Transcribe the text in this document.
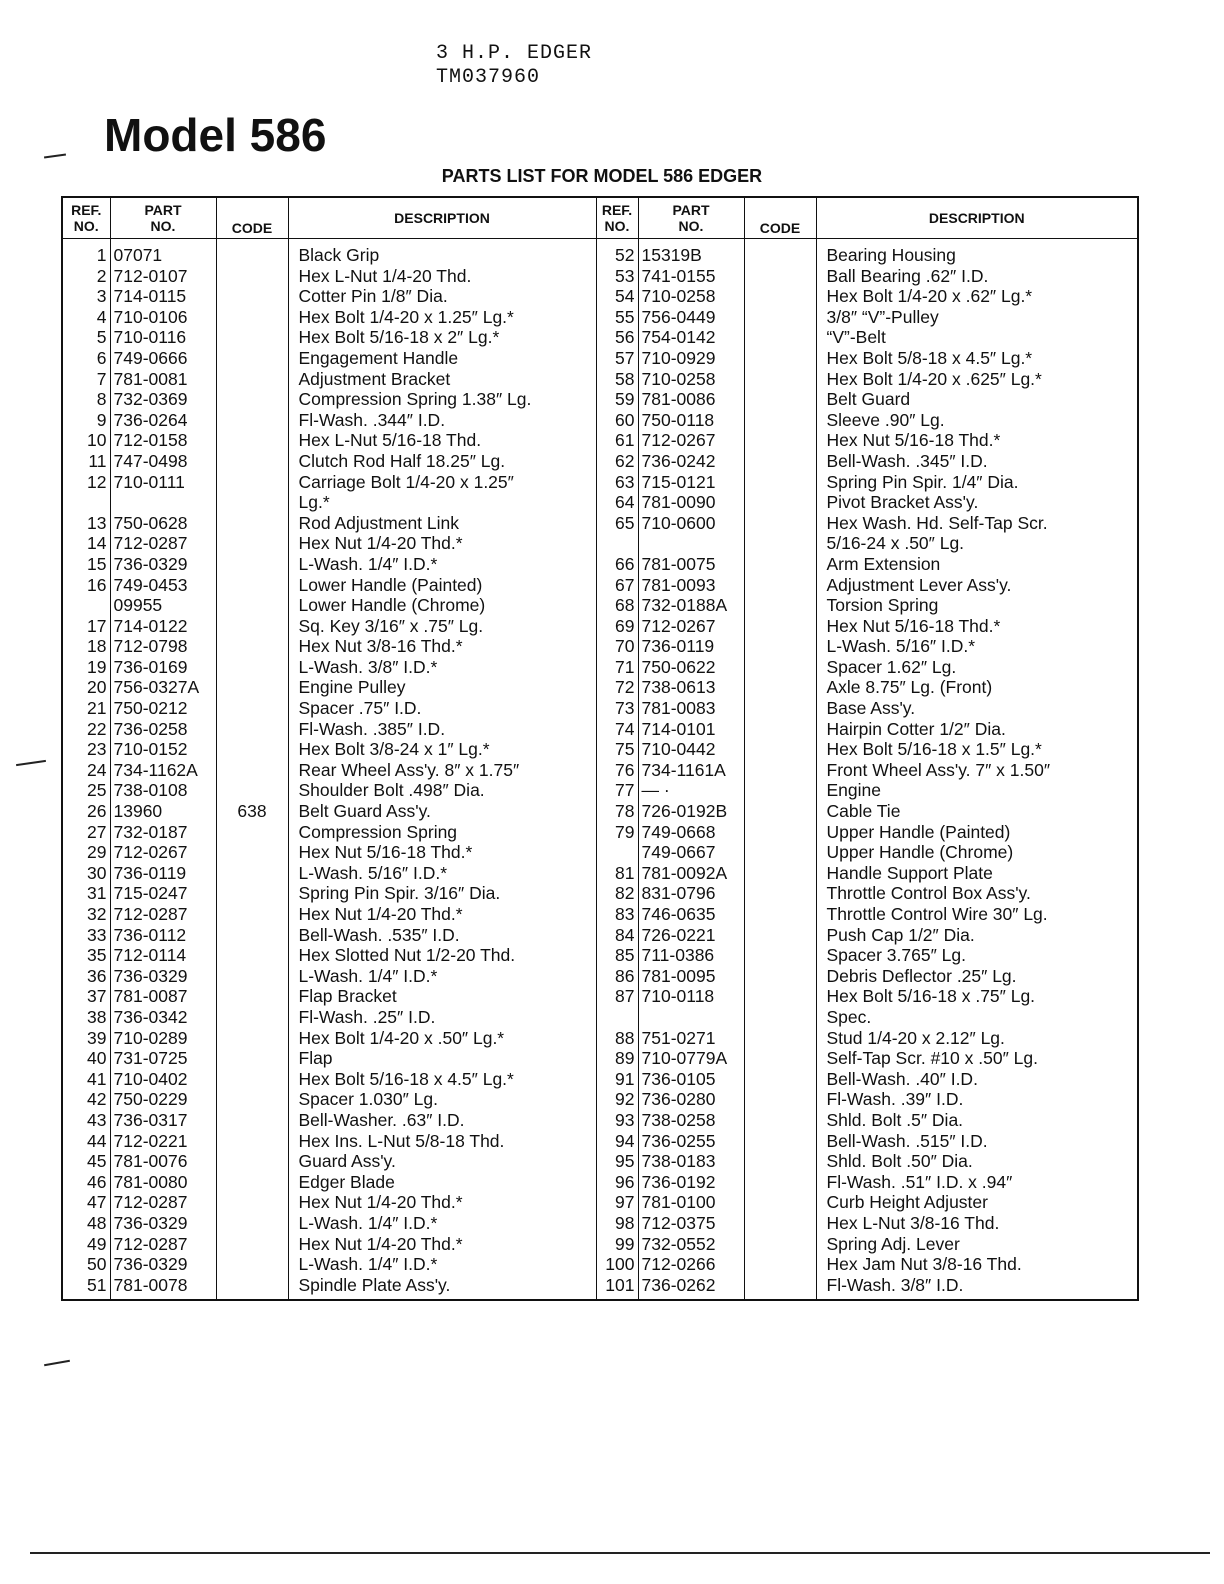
3 H.P. EDGER
TM037960
Model 586
PARTS LIST FOR MODEL 586 EDGER
REF.
NO.	PART
NO.	CODE	DESCRIPTION	REF.
NO.	PART
NO.	CODE	DESCRIPTION
1	07071		Black Grip	52	15319B		Bearing Housing
2	712-0107		Hex L-Nut 1/4-20 Thd.	53	741-0155		Ball Bearing .62″ I.D.
3	714-0115		Cotter Pin 1/8″ Dia.	54	710-0258		Hex Bolt 1/4-20 x .62″ Lg.*
4	710-0106		Hex Bolt 1/4-20 x 1.25″ Lg.*	55	756-0449		3/8″ “V”-Pulley
5	710-0116		Hex Bolt 5/16-18 x 2″ Lg.*	56	754-0142		“V”-Belt
6	749-0666		Engagement Handle	57	710-0929		Hex Bolt 5/8-18 x 4.5″ Lg.*
7	781-0081		Adjustment Bracket	58	710-0258		Hex Bolt 1/4-20 x .625″ Lg.*
8	732-0369		Compression Spring 1.38″ Lg.	59	781-0086		Belt Guard
9	736-0264		Fl-Wash. .344″ I.D.	60	750-0118		Sleeve .90″ Lg.
10	712-0158		Hex L-Nut 5/16-18 Thd.	61	712-0267		Hex Nut 5/16-18 Thd.*
11	747-0498		Clutch Rod Half 18.25″ Lg.	62	736-0242		Bell-Wash. .345″ I.D.
12	710-0111		Carriage Bolt 1/4-20 x 1.25″	63	715-0121		Spring Pin Spir. 1/4″ Dia.
			Lg.*	64	781-0090		Pivot Bracket Ass'y.
13	750-0628		Rod Adjustment Link	65	710-0600		Hex Wash. Hd. Self-Tap Scr.
14	712-0287		Hex Nut 1/4-20 Thd.*				5/16-24 x .50″ Lg.
15	736-0329		L-Wash. 1/4″ I.D.*	66	781-0075		Arm Extension
16	749-0453		Lower Handle (Painted)	67	781-0093		Adjustment Lever Ass'y.
	09955		Lower Handle (Chrome)	68	732-0188A		Torsion Spring
17	714-0122		Sq. Key 3/16″ x .75″ Lg.	69	712-0267		Hex Nut 5/16-18 Thd.*
18	712-0798		Hex Nut 3/8-16 Thd.*	70	736-0119		L-Wash. 5/16″ I.D.*
19	736-0169		L-Wash. 3/8″ I.D.*	71	750-0622		Spacer 1.62″ Lg.
20	756-0327A		Engine Pulley	72	738-0613		Axle 8.75″ Lg. (Front)
21	750-0212		Spacer .75″ I.D.	73	781-0083		Base Ass'y.
22	736-0258		Fl-Wash. .385″ I.D.	74	714-0101		Hairpin Cotter 1/2″ Dia.
23	710-0152		Hex Bolt 3/8-24 x 1″ Lg.*	75	710-0442		Hex Bolt 5/16-18 x 1.5″ Lg.*
24	734-1162A		Rear Wheel Ass'y. 8″ x 1.75″	76	734-1161A		Front Wheel Ass'y. 7″ x 1.50″
25	738-0108		Shoulder Bolt .498″ Dia.	77	— ·		Engine
26	13960	638	Belt Guard Ass'y.	78	726-0192B		Cable Tie
27	732-0187		Compression Spring	79	749-0668		Upper Handle (Painted)
29	712-0267		Hex Nut 5/16-18 Thd.*		749-0667		Upper Handle (Chrome)
30	736-0119		L-Wash. 5/16″ I.D.*	81	781-0092A		Handle Support Plate
31	715-0247		Spring Pin Spir. 3/16″ Dia.	82	831-0796		Throttle Control Box Ass'y.
32	712-0287		Hex Nut 1/4-20 Thd.*	83	746-0635		Throttle Control Wire 30″ Lg.
33	736-0112		Bell-Wash. .535″ I.D.	84	726-0221		Push Cap 1/2″ Dia.
35	712-0114		Hex Slotted Nut 1/2-20 Thd.	85	711-0386		Spacer 3.765″ Lg.
36	736-0329		L-Wash. 1/4″ I.D.*	86	781-0095		Debris Deflector .25″ Lg.
37	781-0087		Flap Bracket	87	710-0118		Hex Bolt 5/16-18 x .75″ Lg.
38	736-0342		Fl-Wash. .25″ I.D.				Spec.
39	710-0289		Hex Bolt 1/4-20 x .50″ Lg.*	88	751-0271		Stud 1/4-20 x 2.12″ Lg.
40	731-0725		Flap	89	710-0779A		Self-Tap Scr. #10 x .50″ Lg.
41	710-0402		Hex Bolt 5/16-18 x 4.5″ Lg.*	91	736-0105		Bell-Wash. .40″ I.D.
42	750-0229		Spacer 1.030″ Lg.	92	736-0280		Fl-Wash. .39″ I.D.
43	736-0317		Bell-Washer. .63″ I.D.	93	738-0258		Shld. Bolt .5″ Dia.
44	712-0221		Hex Ins. L-Nut 5/8-18 Thd.	94	736-0255		Bell-Wash. .515″ I.D.
45	781-0076		Guard Ass'y.	95	738-0183		Shld. Bolt .50″ Dia.
46	781-0080		Edger Blade	96	736-0192		Fl-Wash. .51″ I.D. x .94″
47	712-0287		Hex Nut 1/4-20 Thd.*	97	781-0100		Curb Height Adjuster
48	736-0329		L-Wash. 1/4″ I.D.*	98	712-0375		Hex L-Nut 3/8-16 Thd.
49	712-0287		Hex Nut 1/4-20 Thd.*	99	732-0552		Spring Adj. Lever
50	736-0329		L-Wash. 1/4″ I.D.*	100	712-0266		Hex Jam Nut 3/8-16 Thd.
51	781-0078		Spindle Plate Ass'y.	101	736-0262		Fl-Wash. 3/8″ I.D.
